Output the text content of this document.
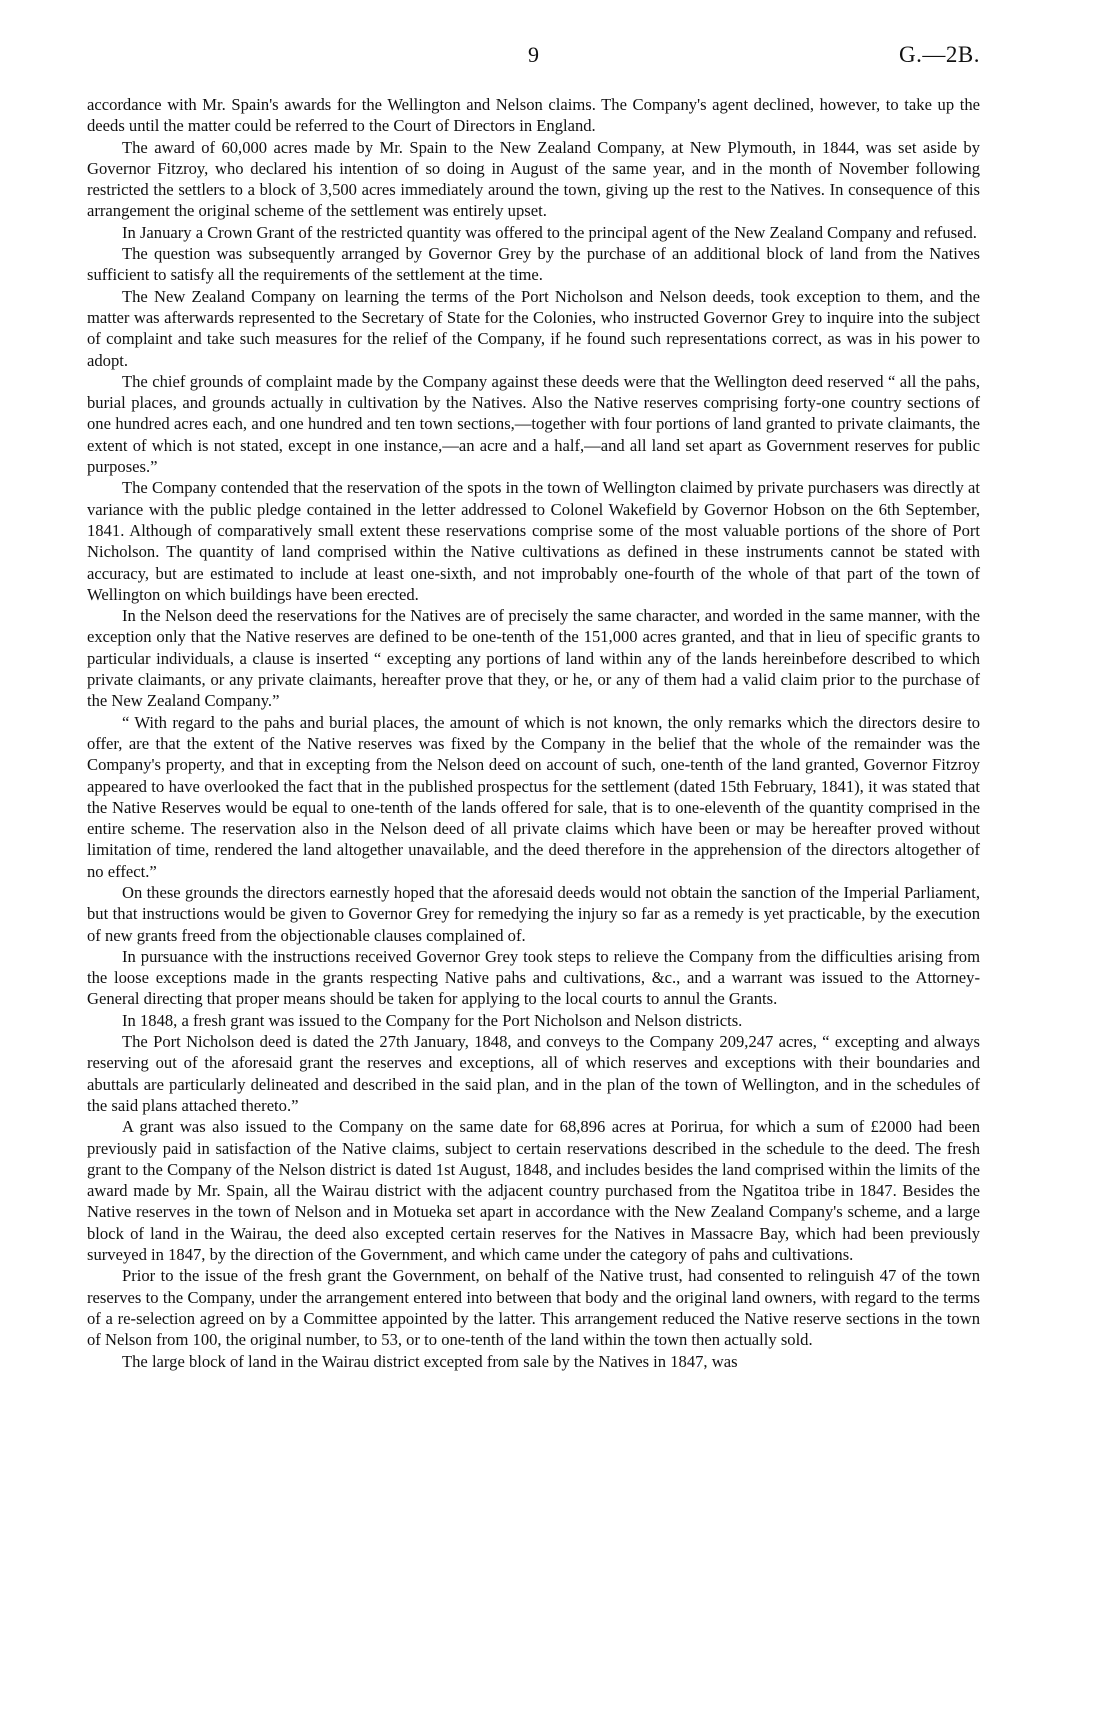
9	G.—2B.

accordance with Mr. Spain's awards for the Wellington and Nelson claims. The Company's agent declined, however, to take up the deeds until the matter could be referred to the Court of Directors in England.

The award of 60,000 acres made by Mr. Spain to the New Zealand Company, at New Plymouth, in 1844, was set aside by Governor Fitzroy, who declared his intention of so doing in August of the same year, and in the month of November following restricted the settlers to a block of 3,500 acres immediately around the town, giving up the rest to the Natives. In consequence of this arrangement the original scheme of the settlement was entirely upset.

In January a Crown Grant of the restricted quantity was offered to the principal agent of the New Zealand Company and refused.

The question was subsequently arranged by Governor Grey by the purchase of an additional block of land from the Natives sufficient to satisfy all the requirements of the settlement at the time.

The New Zealand Company on learning the terms of the Port Nicholson and Nelson deeds, took exception to them, and the matter was afterwards represented to the Secretary of State for the Colonies, who instructed Governor Grey to inquire into the subject of complaint and take such measures for the relief of the Company, if he found such representations correct, as was in his power to adopt.

The chief grounds of complaint made by the Company against these deeds were that the Wellington deed reserved “ all the pahs, burial places, and grounds actually in cultivation by the Natives. Also the Native reserves comprising forty-one country sections of one hundred acres each, and one hundred and ten town sections,—together with four portions of land granted to private claimants, the extent of which is not stated, except in one instance,—an acre and a half,—and all land set apart as Government reserves for public purposes.”

The Company contended that the reservation of the spots in the town of Wellington claimed by private purchasers was directly at variance with the public pledge contained in the letter addressed to Colonel Wakefield by Governor Hobson on the 6th September, 1841. Although of comparatively small extent these reservations comprise some of the most valuable portions of the shore of Port Nicholson. The quantity of land comprised within the Native cultivations as defined in these instruments cannot be stated with accuracy, but are estimated to include at least one-sixth, and not improbably one-fourth of the whole of that part of the town of Wellington on which buildings have been erected.

In the Nelson deed the reservations for the Natives are of precisely the same character, and worded in the same manner, with the exception only that the Native reserves are defined to be one-tenth of the 151,000 acres granted, and that in lieu of specific grants to particular individuals, a clause is inserted “ excepting any portions of land within any of the lands hereinbefore described to which private claimants, or any private claimants, hereafter prove that they, or he, or any of them had a valid claim prior to the purchase of the New Zealand Company.”

“ With regard to the pahs and burial places, the amount of which is not known, the only remarks which the directors desire to offer, are that the extent of the Native reserves was fixed by the Company in the belief that the whole of the remainder was the Company's property, and that in excepting from the Nelson deed on account of such, one-tenth of the land granted, Governor Fitzroy appeared to have overlooked the fact that in the published prospectus for the settlement (dated 15th February, 1841), it was stated that the Native Reserves would be equal to one-tenth of the lands offered for sale, that is to one-eleventh of the quantity comprised in the entire scheme. The reservation also in the Nelson deed of all private claims which have been or may be hereafter proved without limitation of time, rendered the land altogether unavailable, and the deed therefore in the apprehension of the directors altogether of no effect.”

On these grounds the directors earnestly hoped that the aforesaid deeds would not obtain the sanction of the Imperial Parliament, but that instructions would be given to Governor Grey for remedying the injury so far as a remedy is yet practicable, by the execution of new grants freed from the objectionable clauses complained of.

In pursuance with the instructions received Governor Grey took steps to relieve the Company from the difficulties arising from the loose exceptions made in the grants respecting Native pahs and cultivations, &c., and a warrant was issued to the Attorney-General directing that proper means should be taken for applying to the local courts to annul the Grants.

In 1848, a fresh grant was issued to the Company for the Port Nicholson and Nelson districts.

The Port Nicholson deed is dated the 27th January, 1848, and conveys to the Company 209,247 acres, “ excepting and always reserving out of the aforesaid grant the reserves and exceptions, all of which reserves and exceptions with their boundaries and abuttals are particularly delineated and described in the said plan, and in the plan of the town of Wellington, and in the schedules of the said plans attached thereto.”

A grant was also issued to the Company on the same date for 68,896 acres at Porirua, for which a sum of £2000 had been previously paid in satisfaction of the Native claims, subject to certain reservations described in the schedule to the deed. The fresh grant to the Company of the Nelson district is dated 1st August, 1848, and includes besides the land comprised within the limits of the award made by Mr. Spain, all the Wairau district with the adjacent country purchased from the Ngatitoa tribe in 1847. Besides the Native reserves in the town of Nelson and in Motueka set apart in accordance with the New Zealand Company's scheme, and a large block of land in the Wairau, the deed also excepted certain reserves for the Natives in Massacre Bay, which had been previously surveyed in 1847, by the direction of the Government, and which came under the category of pahs and cultivations.

Prior to the issue of the fresh grant the Government, on behalf of the Native trust, had consented to relinguish 47 of the town reserves to the Company, under the arrangement entered into between that body and the original land owners, with regard to the terms of a re-selection agreed on by a Committee appointed by the latter. This arrangement reduced the Native reserve sections in the town of Nelson from 100, the original number, to 53, or to one-tenth of the land within the town then actually sold.

The large block of land in the Wairau district excepted from sale by the Natives in 1847, was
